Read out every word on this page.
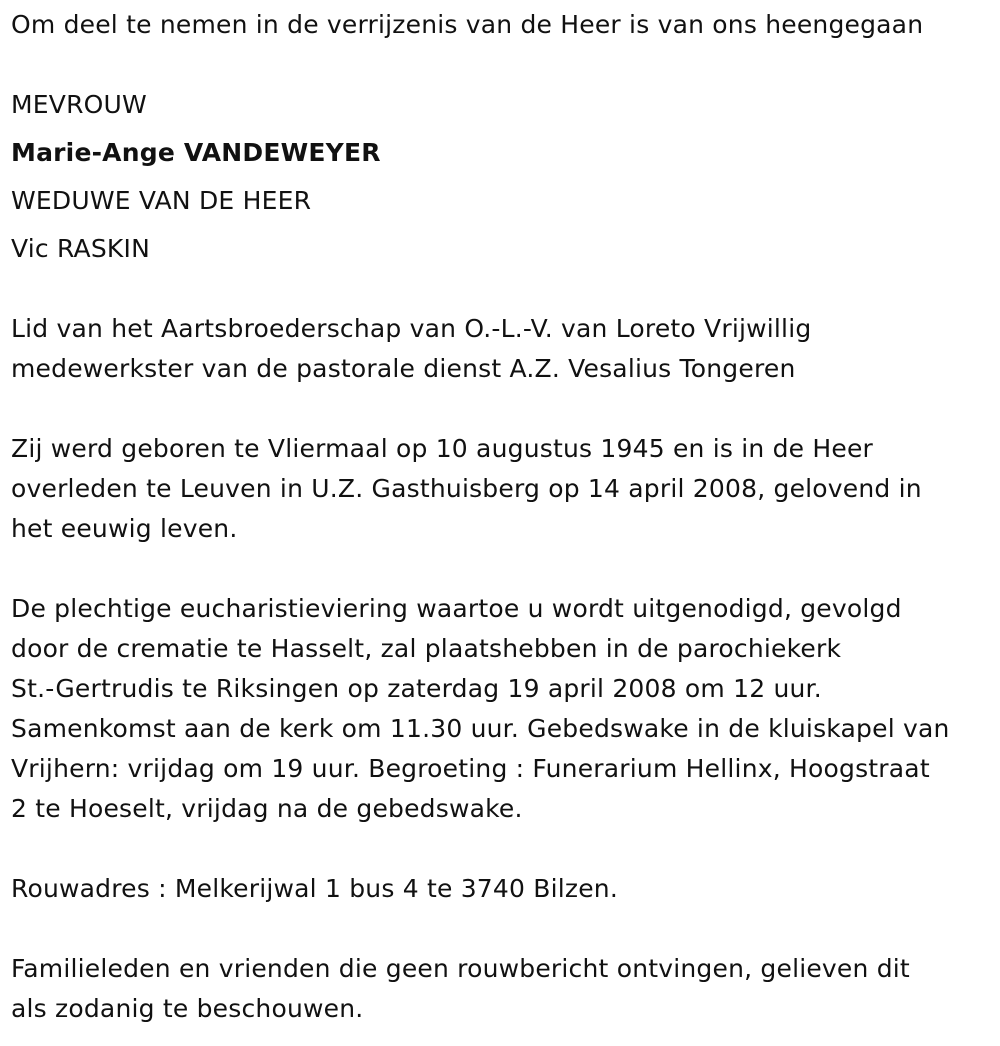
Om deel te nemen in de verrijzenis van de Heer is van ons heengegaan
MEVROUW
Marie-Ange VANDEWEYER
WEDUWE VAN DE HEER
Vic RASKIN
Lid van het Aartsbroederschap van O.-L.-V. van Loreto Vrijwillig
medewerkster van de pastorale dienst A.Z. Vesalius Tongeren
Zij werd geboren te Vliermaal op 10 augustus 1945 en is in de Heer
overleden te Leuven in U.Z. Gasthuisberg op 14 april 2008, gelovend in
het eeuwig leven.
De plechtige eucharistieviering waartoe u wordt uitgenodigd, gevolgd
door de crematie te Hasselt, zal plaatshebben in de parochiekerk
St.-Gertrudis te Riksingen op zaterdag 19 april 2008 om 12 uur.
Samenkomst aan de kerk om 11.30 uur. Gebedswake in de kluiskapel van
Vrijhern: vrijdag om 19 uur. Begroeting : Funerarium Hellinx, Hoogstraat
2 te Hoeselt, vrijdag na de gebedswake.
Rouwadres : Melkerijwal 1 bus 4 te 3740 Bilzen.
Familieleden en vrienden die geen rouwbericht ontvingen, gelieven dit
als zodanig te beschouwen.
